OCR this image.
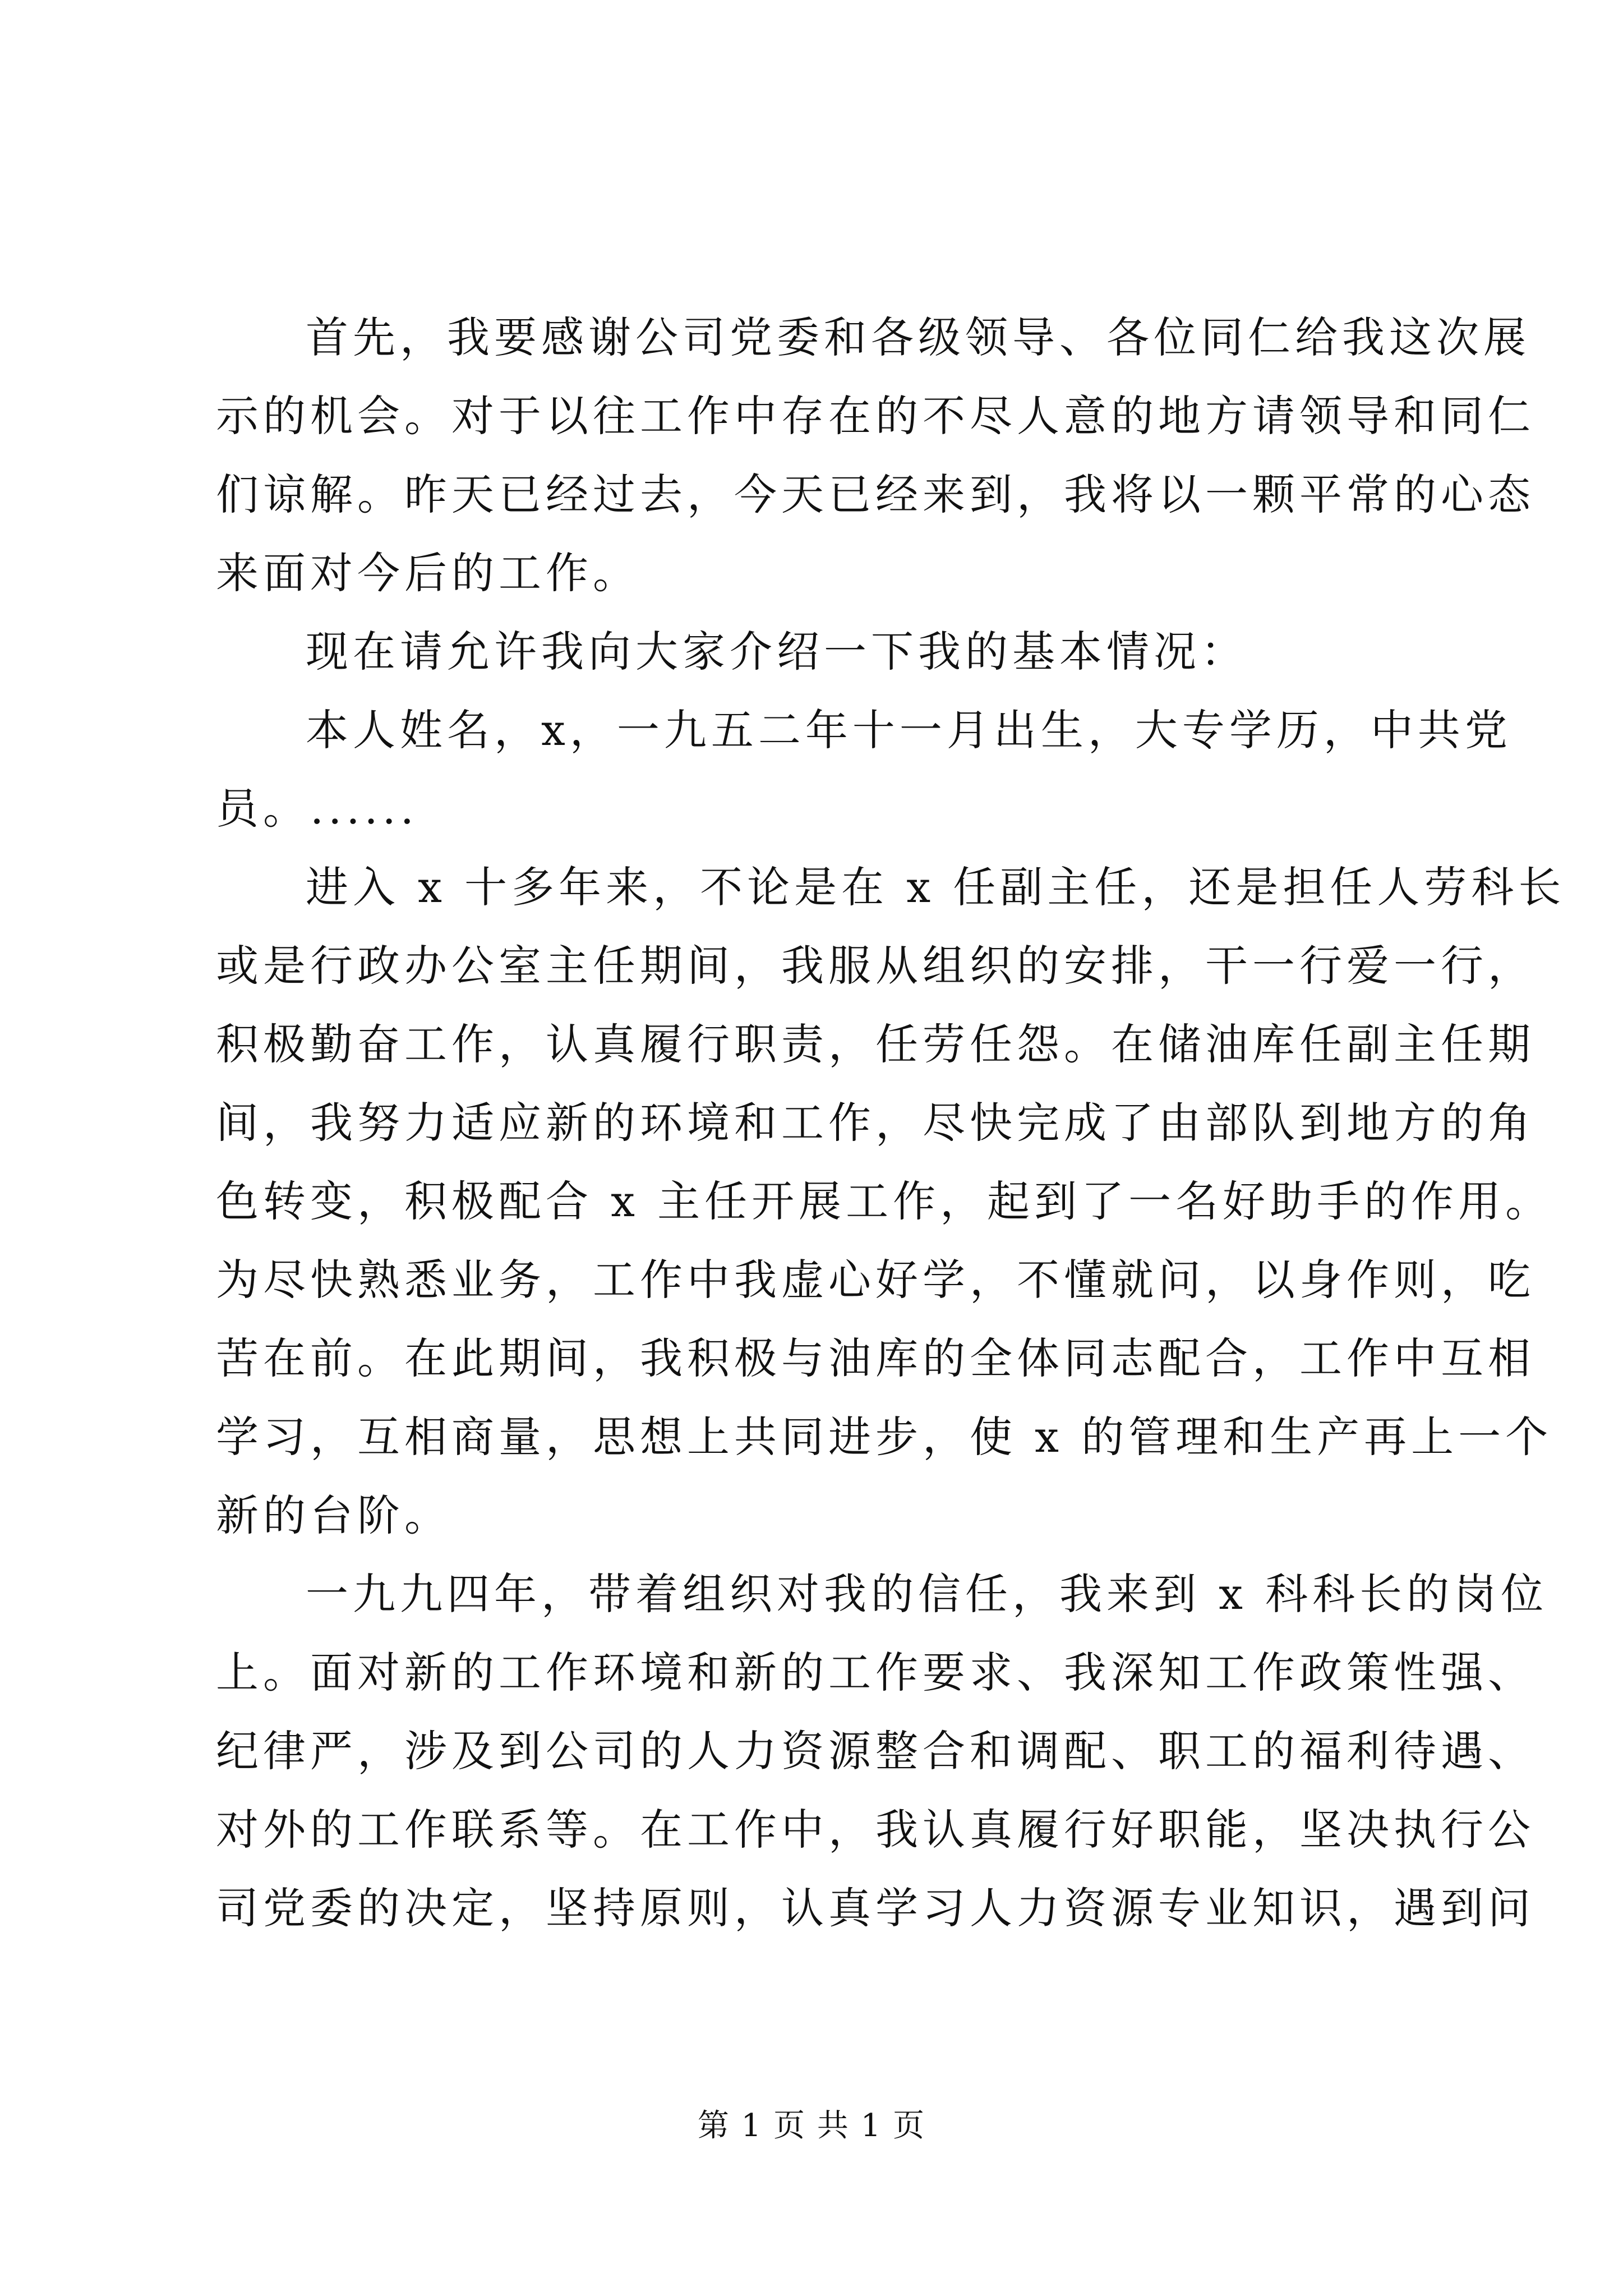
首先，我要感谢公司党委和各级领导、各位同仁给我这次展
示的机会。对于以往工作中存在的不尽人意的地方请领导和同仁
们谅解。昨天已经过去，今天已经来到，我将以一颗平常的心态
来面对今后的工作。
现在请允许我向大家介绍一下我的基本情况：
本人姓名，x，一九五二年十一月出生，大专学历，中共党
员。......
进入 x 十多年来，不论是在 x 任副主任，还是担任人劳科长
或是行政办公室主任期间，我服从组织的安排，干一行爱一行，
积极勤奋工作，认真履行职责，任劳任怨。在储油库任副主任期
间，我努力适应新的环境和工作，尽快完成了由部队到地方的角
色转变，积极配合 x 主任开展工作，起到了一名好助手的作用。
为尽快熟悉业务，工作中我虚心好学，不懂就问，以身作则，吃
苦在前。在此期间，我积极与油库的全体同志配合，工作中互相
学习，互相商量，思想上共同进步，使 x 的管理和生产再上一个
新的台阶。
一九九四年，带着组织对我的信任，我来到 x 科科长的岗位
上。面对新的工作环境和新的工作要求、我深知工作政策性强、
纪律严，涉及到公司的人力资源整合和调配、职工的福利待遇、
对外的工作联系等。在工作中，我认真履行好职能，坚决执行公
司党委的决定，坚持原则，认真学习人力资源专业知识，遇到问
第 1 页 共 1 页
